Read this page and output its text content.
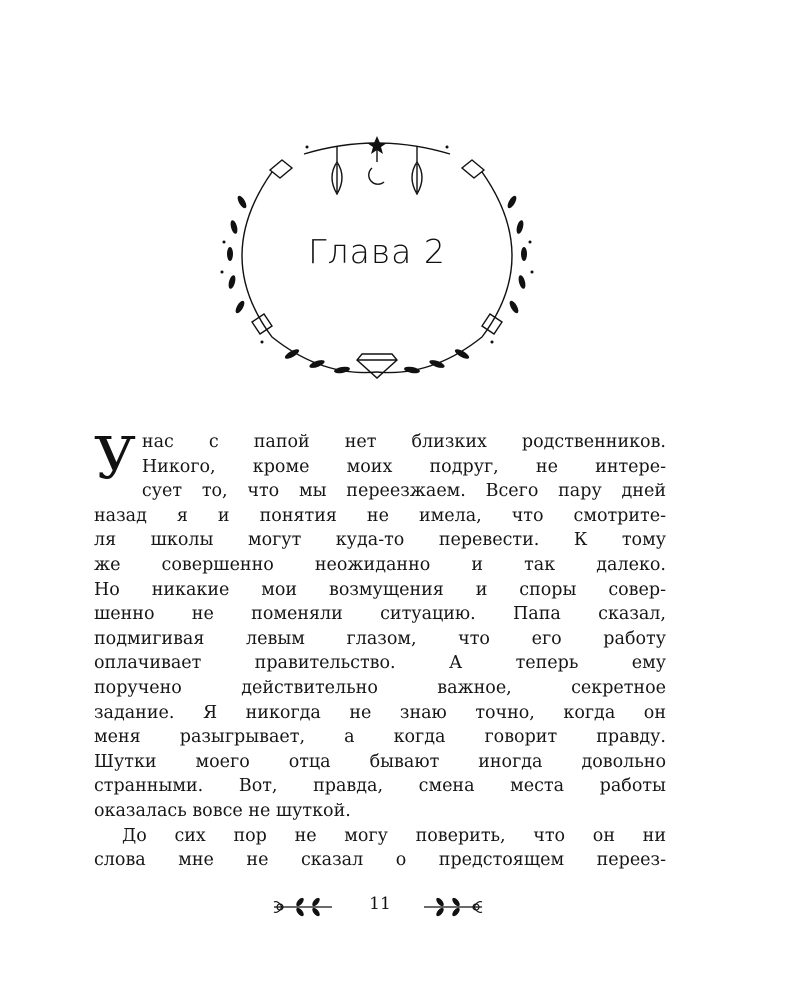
Глава 2
У нас с папой нет близких родственников.
Никого, кроме моих подруг, не интере-
сует то, что мы переезжаем. Всего пару дней
назад я и понятия не имела, что смотрите-
ля школы могут куда-то перевести. К тому
же совершенно неожиданно и так далеко.
Но никакие мои возмущения и споры совер-
шенно не поменяли ситуацию. Папа сказал,
подмигивая левым глазом, что его работу
оплачивает правительство. А теперь ему
поручено действительно важное, секретное
задание. Я никогда не знаю точно, когда он
меня разыгрывает, а когда говорит правду.
Шутки моего отца бывают иногда довольно
странными. Вот, правда, смена места работы
оказалась вовсе не шуткой.
До сих пор не могу поверить, что он ни
слова мне не сказал о предстоящем переез-
11
